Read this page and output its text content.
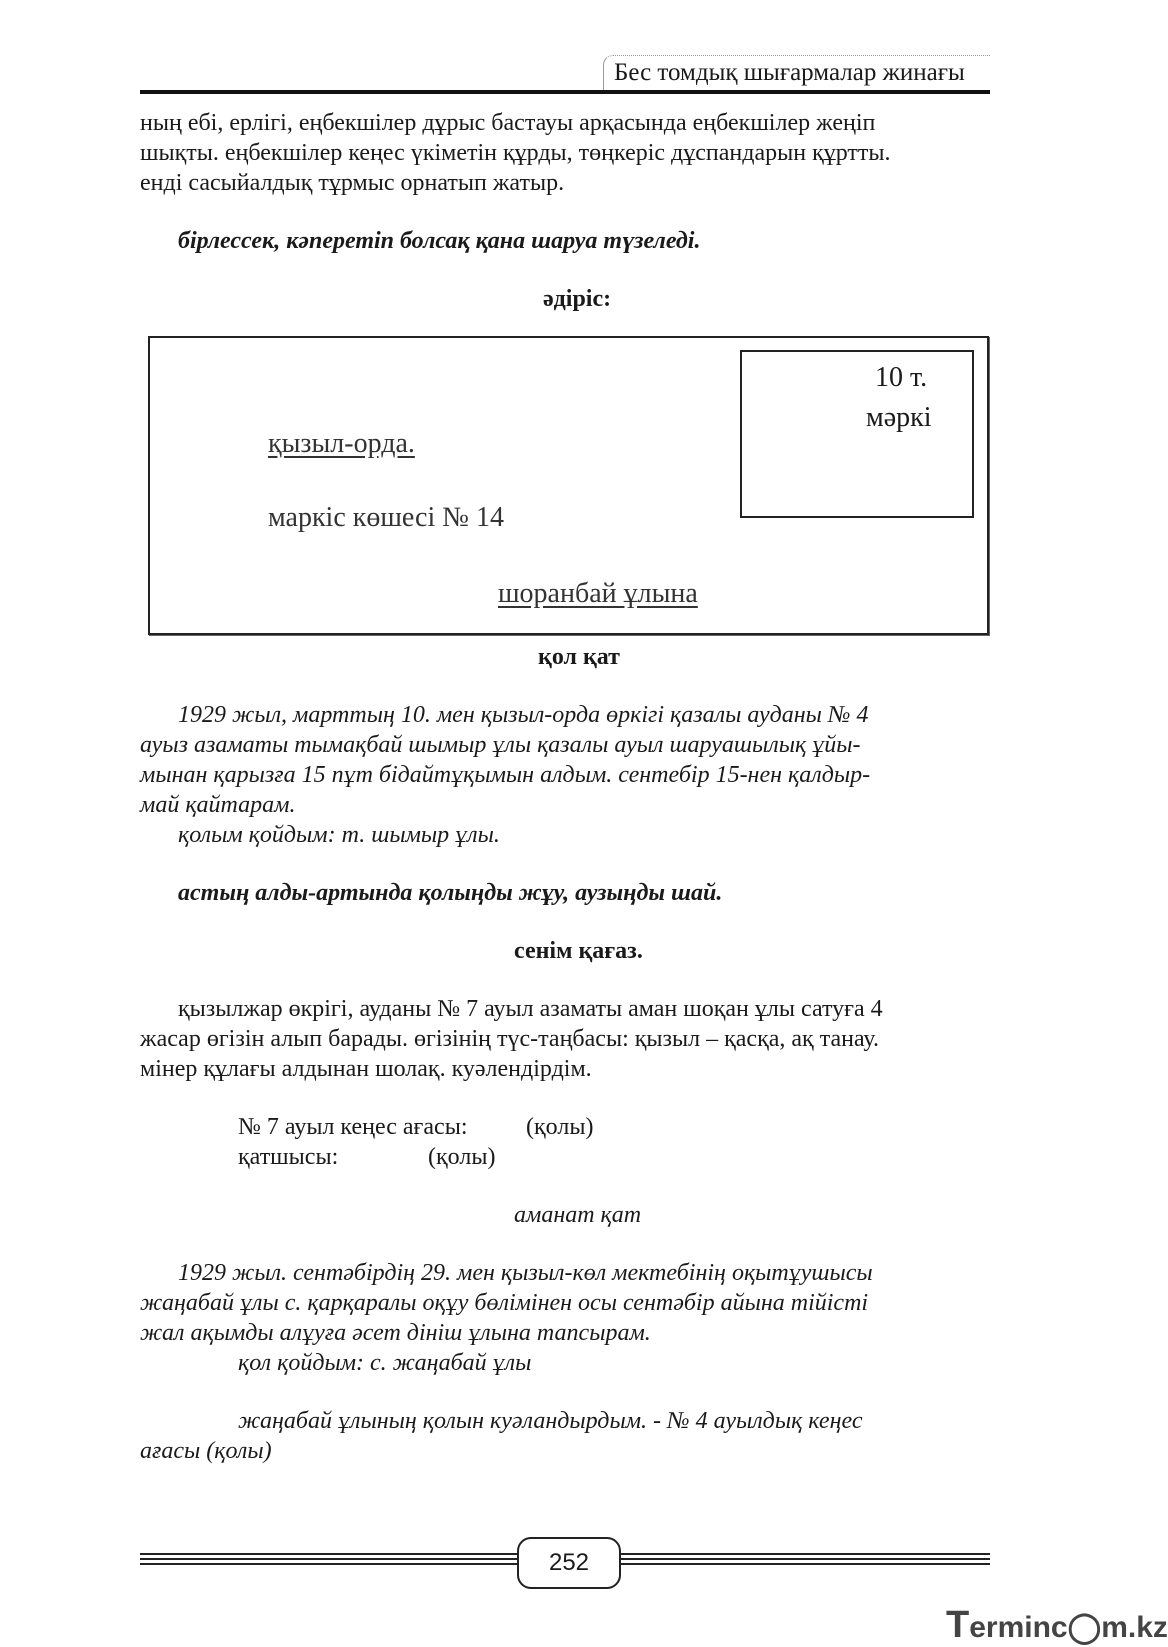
Бес томдық шығармалар жинағы
ның ебі, ерлігі, еңбекшілер дұрыс бастауы арқасында еңбекшілер жеңіп
шықты. еңбекшілер кеңес үкіметін құрды, төңкеріс дұспандарын құртты.
енді сасыйалдық тұрмыс орнатып жатыр.
бірлессек, кәперетіп болсақ қана шаруа түзеледі.
әдіріс:
10 т.
мәркі
қызыл-орда.
маркіс көшесі № 14
шоранбай ұлына
қол қат
1929 жыл, марттың 10. мен қызыл-орда өркігі қазалы ауданы № 4
ауыз азаматы тымақбай шымыр ұлы қазалы ауыл шаруашылық ұйы-
мынан қарызға 15 пұт бідайтұқымын алдым. сентебір 15-нен қалдыр-
май қайтарам.
қолым қойдым: т. шымыр ұлы.
астың алды-артында қолыңды жұу, аузыңды шай.
сенім қағаз.
қызылжар өкрігі, ауданы № 7 ауыл азаматы аман шоқан ұлы сатуға 4
жасар өгізін алып барады. өгізінің түс-таңбасы: қызыл – қасқа, ақ танау.
мінер құлағы алдынан шолақ. куәлендірдім.
№ 7 ауыл кеңес ағасы: (қолы)
қатшысы:	(қолы)
аманат қат
1929 жыл. сентәбірдің 29. мен қызыл-көл мектебінің оқытұушысы
жаңабай ұлы с. қарқаралы оқұу бөлімінен осы сентәбір айына тійісті
жал ақымды алұуға әсет дініш ұлына тапсырам.
қол қойдым: с. жаңабай ұлы
жаңабай ұлының қолын куәландырдым. - № 4 ауылдық кеңес
ағасы (қолы)
252
Terminc◯m.kz
